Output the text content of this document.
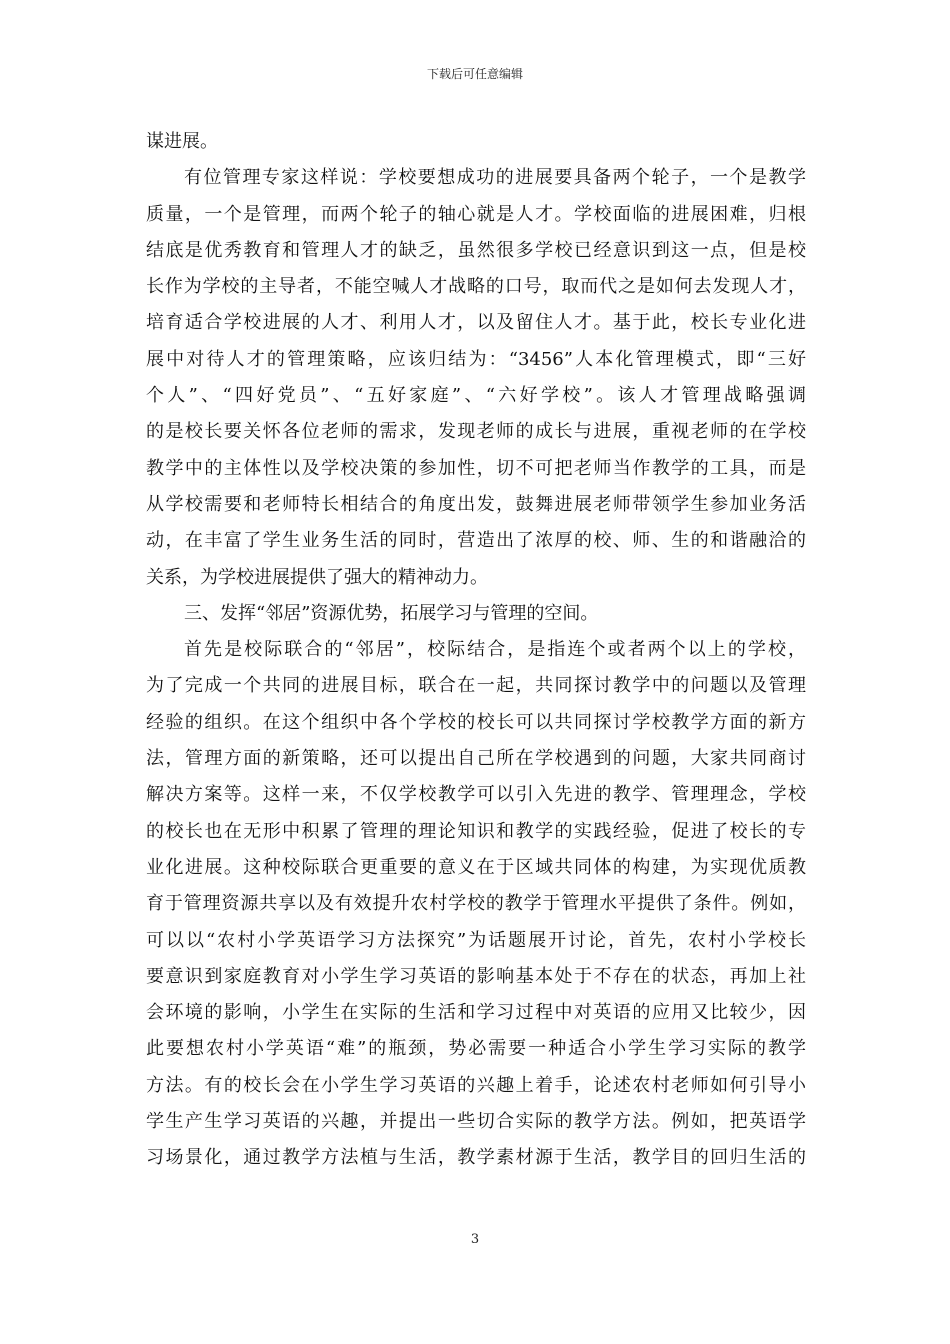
下载后可任意编辑
谋进展。
有位管理专家这样说：学校要想成功的进展要具备两个轮子，一个是教学
质量，一个是管理，而两个轮子的轴心就是人才。学校面临的进展困难，归根
结底是优秀教育和管理人才的缺乏，虽然很多学校已经意识到这一点，但是校
长作为学校的主导者，不能空喊人才战略的口号，取而代之是如何去发现人才，
培育适合学校进展的人才、利用人才，以及留住人才。基于此，校长专业化进
展中对待人才的管理策略，应该归结为：“3456”人本化管理模式，即“三好
个人”、“四好党员”、“五好家庭”、“六好学校”。该人才管理战略强调
的是校长要关怀各位老师的需求，发现老师的成长与进展，重视老师的在学校
教学中的主体性以及学校决策的参加性，切不可把老师当作教学的工具，而是
从学校需要和老师特长相结合的角度出发，鼓舞进展老师带领学生参加业务活
动，在丰富了学生业务生活的同时，营造出了浓厚的校、师、生的和谐融洽的
关系，为学校进展提供了强大的精神动力。
三、发挥“邻居”资源优势，拓展学习与管理的空间。
首先是校际联合的“邻居”，校际结合，是指连个或者两个以上的学校，
为了完成一个共同的进展目标，联合在一起，共同探讨教学中的问题以及管理
经验的组织。在这个组织中各个学校的校长可以共同探讨学校教学方面的新方
法，管理方面的新策略，还可以提出自己所在学校遇到的问题，大家共同商讨
解决方案等。这样一来，不仅学校教学可以引入先进的教学、管理理念，学校
的校长也在无形中积累了管理的理论知识和教学的实践经验，促进了校长的专
业化进展。这种校际联合更重要的意义在于区域共同体的构建，为实现优质教
育于管理资源共享以及有效提升农村学校的教学于管理水平提供了条件。例如，
可以以“农村小学英语学习方法探究”为话题展开讨论，首先，农村小学校长
要意识到家庭教育对小学生学习英语的影响基本处于不存在的状态，再加上社
会环境的影响，小学生在实际的生活和学习过程中对英语的应用又比较少，因
此要想农村小学英语“难”的瓶颈，势必需要一种适合小学生学习实际的教学
方法。有的校长会在小学生学习英语的兴趣上着手，论述农村老师如何引导小
学生产生学习英语的兴趣，并提出一些切合实际的教学方法。例如，把英语学
习场景化，通过教学方法植与生活，教学素材源于生活，教学目的回归生活的
3
